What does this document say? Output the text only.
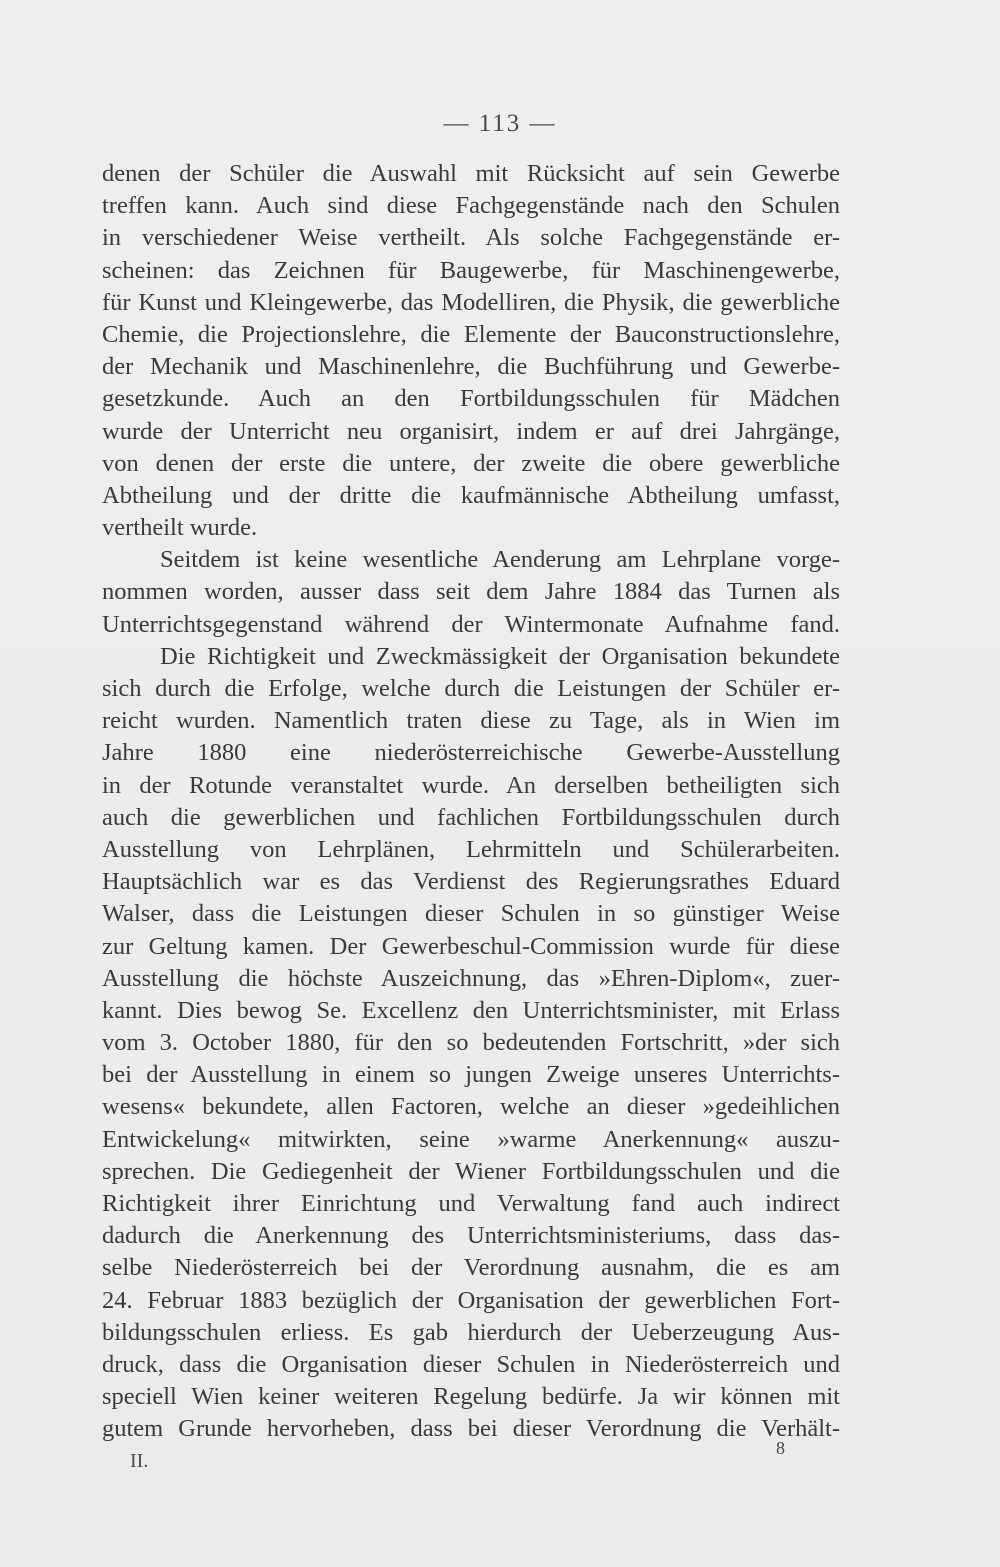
— 113 —
denen der Schüler die Auswahl mit Rücksicht auf sein Gewerbe
treffen kann. Auch sind diese Fachgegenstände nach den Schulen
in verschiedener Weise vertheilt. Als solche Fachgegenstände er-
scheinen: das Zeichnen für Baugewerbe, für Maschinengewerbe,
für Kunst und Kleingewerbe, das Modelliren, die Physik, die gewerbliche
Chemie, die Projectionslehre, die Elemente der Bauconstructionslehre,
der Mechanik und Maschinenlehre, die Buchführung und Gewerbe-
gesetzkunde. Auch an den Fortbildungsschulen für Mädchen
wurde der Unterricht neu organisirt, indem er auf drei Jahrgänge,
von denen der erste die untere, der zweite die obere gewerbliche
Abtheilung und der dritte die kaufmännische Abtheilung umfasst,
vertheilt wurde.
Seitdem ist keine wesentliche Aenderung am Lehrplane vorge-
nommen worden, ausser dass seit dem Jahre 1884 das Turnen als
Unterrichtsgegenstand während der Wintermonate Aufnahme fand.
Die Richtigkeit und Zweckmässigkeit der Organisation bekundete
sich durch die Erfolge, welche durch die Leistungen der Schüler er-
reicht wurden. Namentlich traten diese zu Tage, als in Wien im
Jahre 1880 eine niederösterreichische Gewerbe-Ausstellung
in der Rotunde veranstaltet wurde. An derselben betheiligten sich
auch die gewerblichen und fachlichen Fortbildungsschulen durch
Ausstellung von Lehrplänen, Lehrmitteln und Schülerarbeiten.
Hauptsächlich war es das Verdienst des Regierungsrathes Eduard
Walser, dass die Leistungen dieser Schulen in so günstiger Weise
zur Geltung kamen. Der Gewerbeschul-Commission wurde für diese
Ausstellung die höchste Auszeichnung, das »Ehren-Diplom«, zuer-
kannt. Dies bewog Se. Excellenz den Unterrichtsminister, mit Erlass
vom 3. October 1880, für den so bedeutenden Fortschritt, »der sich
bei der Ausstellung in einem so jungen Zweige unseres Unterrichts-
wesens« bekundete, allen Factoren, welche an dieser »gedeihlichen
Entwickelung« mitwirkten, seine »warme Anerkennung« auszu-
sprechen. Die Gediegenheit der Wiener Fortbildungsschulen und die
Richtigkeit ihrer Einrichtung und Verwaltung fand auch indirect
dadurch die Anerkennung des Unterrichtsministeriums, dass das-
selbe Niederösterreich bei der Verordnung ausnahm, die es am
24. Februar 1883 bezüglich der Organisation der gewerblichen Fort-
bildungsschulen erliess. Es gab hierdurch der Ueberzeugung Aus-
druck, dass die Organisation dieser Schulen in Niederösterreich und
speciell Wien keiner weiteren Regelung bedürfe. Ja wir können mit
gutem Grunde hervorheben, dass bei dieser Verordnung die Verhält-
II.
8
